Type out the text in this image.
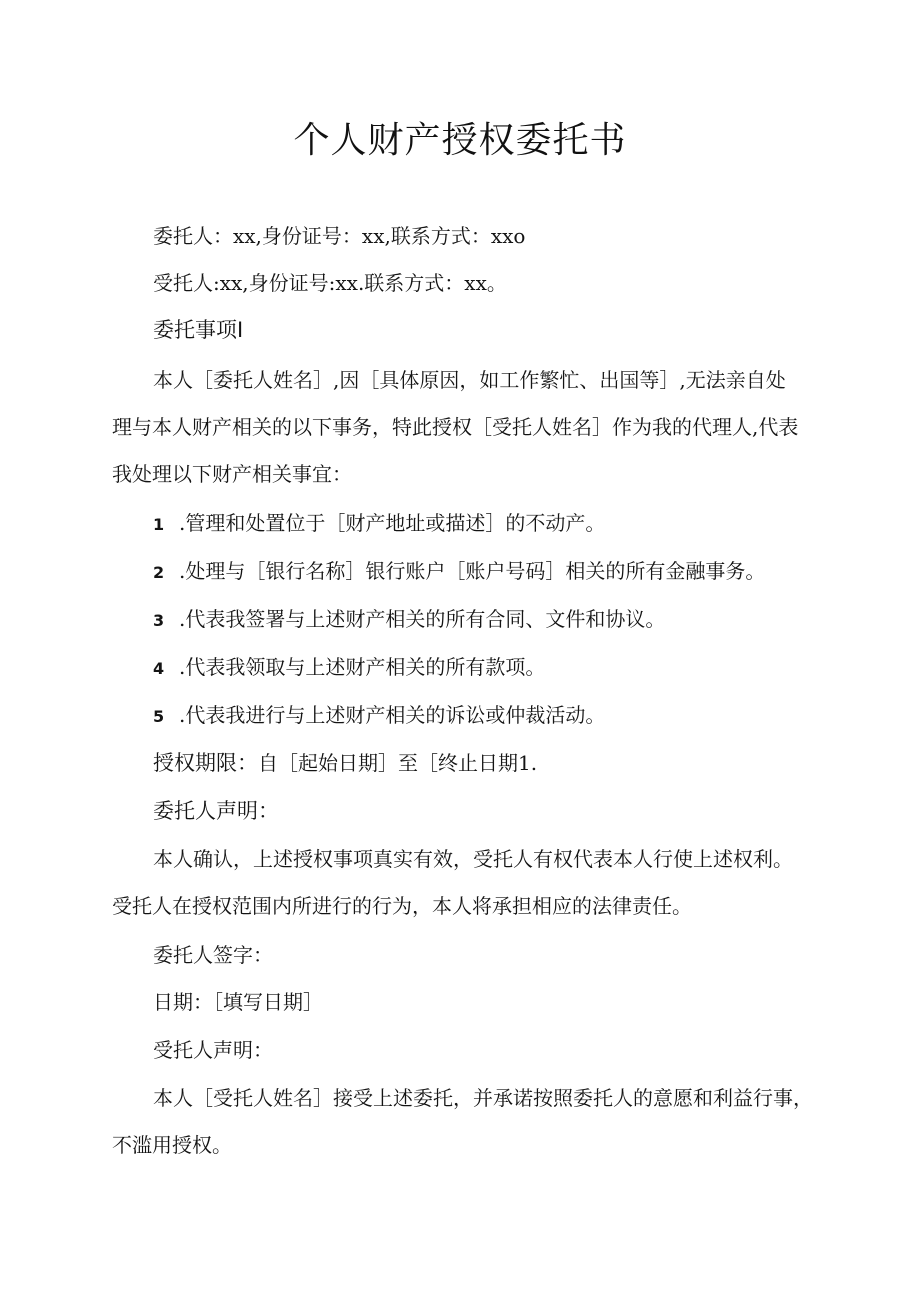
个人财产授权委托书
委托人：xx,身份证号：xx,联系方式：xxo
受托人:xx,身份证号:xx.联系方式：xx。
委托事项I
本人［委托人姓名］,因［具体原因，如工作繁忙、出国等］,无法亲自处
理与本人财产相关的以下事务，特此授权［受托人姓名］作为我的代理人,代表
我处理以下财产相关事宜：
1 .管理和处置位于［财产地址或描述］的不动产。
2 .处理与［银行名称］银行账户［账户号码］相关的所有金融事务。
3 .代表我签署与上述财产相关的所有合同、文件和协议。
4 .代表我领取与上述财产相关的所有款项。
5 .代表我进行与上述财产相关的诉讼或仲裁活动。
授权期限：自［起始日期］至［终止日期1.
委托人声明：
本人确认，上述授权事项真实有效，受托人有权代表本人行使上述权利。
受托人在授权范围内所进行的行为，本人将承担相应的法律责任。
委托人签字：
日期：［填写日期］
受托人声明：
本人［受托人姓名］接受上述委托，并承诺按照委托人的意愿和利益行事，
不滥用授权。
